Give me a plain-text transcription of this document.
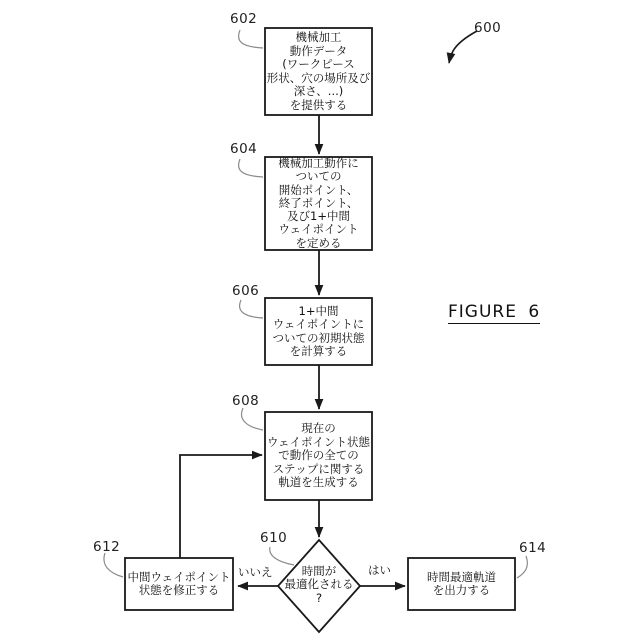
機械加工
動作データ
(ワークピース
形状、穴の場所及び
深さ、...)
を提供する
機械加工動作に
ついての
開始ポイント、
終了ポイント、
及び1+中間
ウェイポイント
を定める
1+中間
ウェイポイントに
ついての初期状態
を計算する
現在の
ウェイポイント状態
で動作の全ての
ステップに関する
軌道を生成する
時間が
最適化される
?
中間ウェイポイント
状態を修正する
時間最適軌道
を出力する
602
604
606
608
610
612	614
600
いいえ	はい
FIGURE 6
